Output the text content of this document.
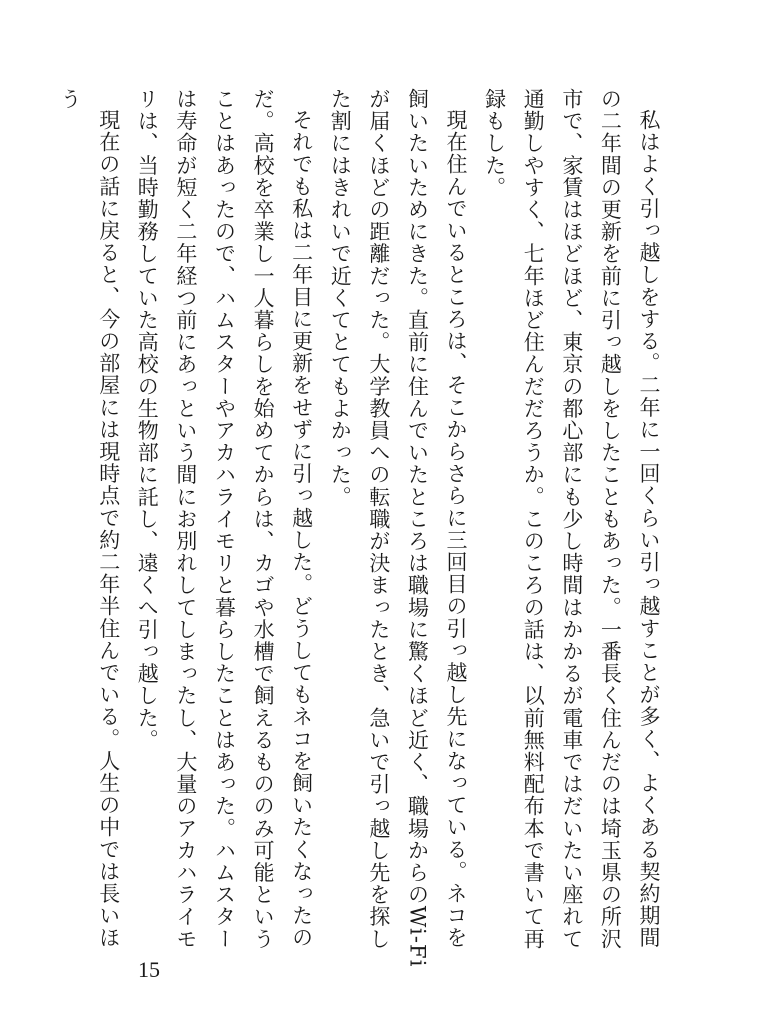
私はよく引っ越しをする。二年に一回くらい引っ越すことが多く、よくある契約期間の二年間の更新を前に引っ越しをしたこともあった。一番長く住んだのは埼玉県の所沢市で、家賃はほどほど、東京の都心部にも少し時間はかかるが電車ではだいたい座れて通勤しやすく、七年ほど住んだだろうか。このころの話は、以前無料配布本で書いて再録もした。

現在住んでいるところは、そこからさらに三回目の引っ越し先になっている。ネコを飼いたいためにきた。直前に住んでいたところは職場に驚くほど近く、職場からのWi-Fiが届くほどの距離だった。大学教員への転職が決まったとき、急いで引っ越し先を探した割にはきれいで近くてとてもよかった。

それでも私は二年目に更新をせずに引っ越した。どうしてもネコを飼いたくなったのだ。高校を卒業し一人暮らしを始めてからは、カゴや水槽で飼えるもののみ可能ということはあったので、ハムスターやアカハライモリと暮らしたことはあった。ハムスターは寿命が短く二年経つ前にあっという間にお別れしてしまったし、大量のアカハライモリは、当時勤務していた高校の生物部に託し、遠くへ引っ越した。

現在の話に戻ると、今の部屋には現時点で約二年半住んでいる。人生の中では長いほう

15
